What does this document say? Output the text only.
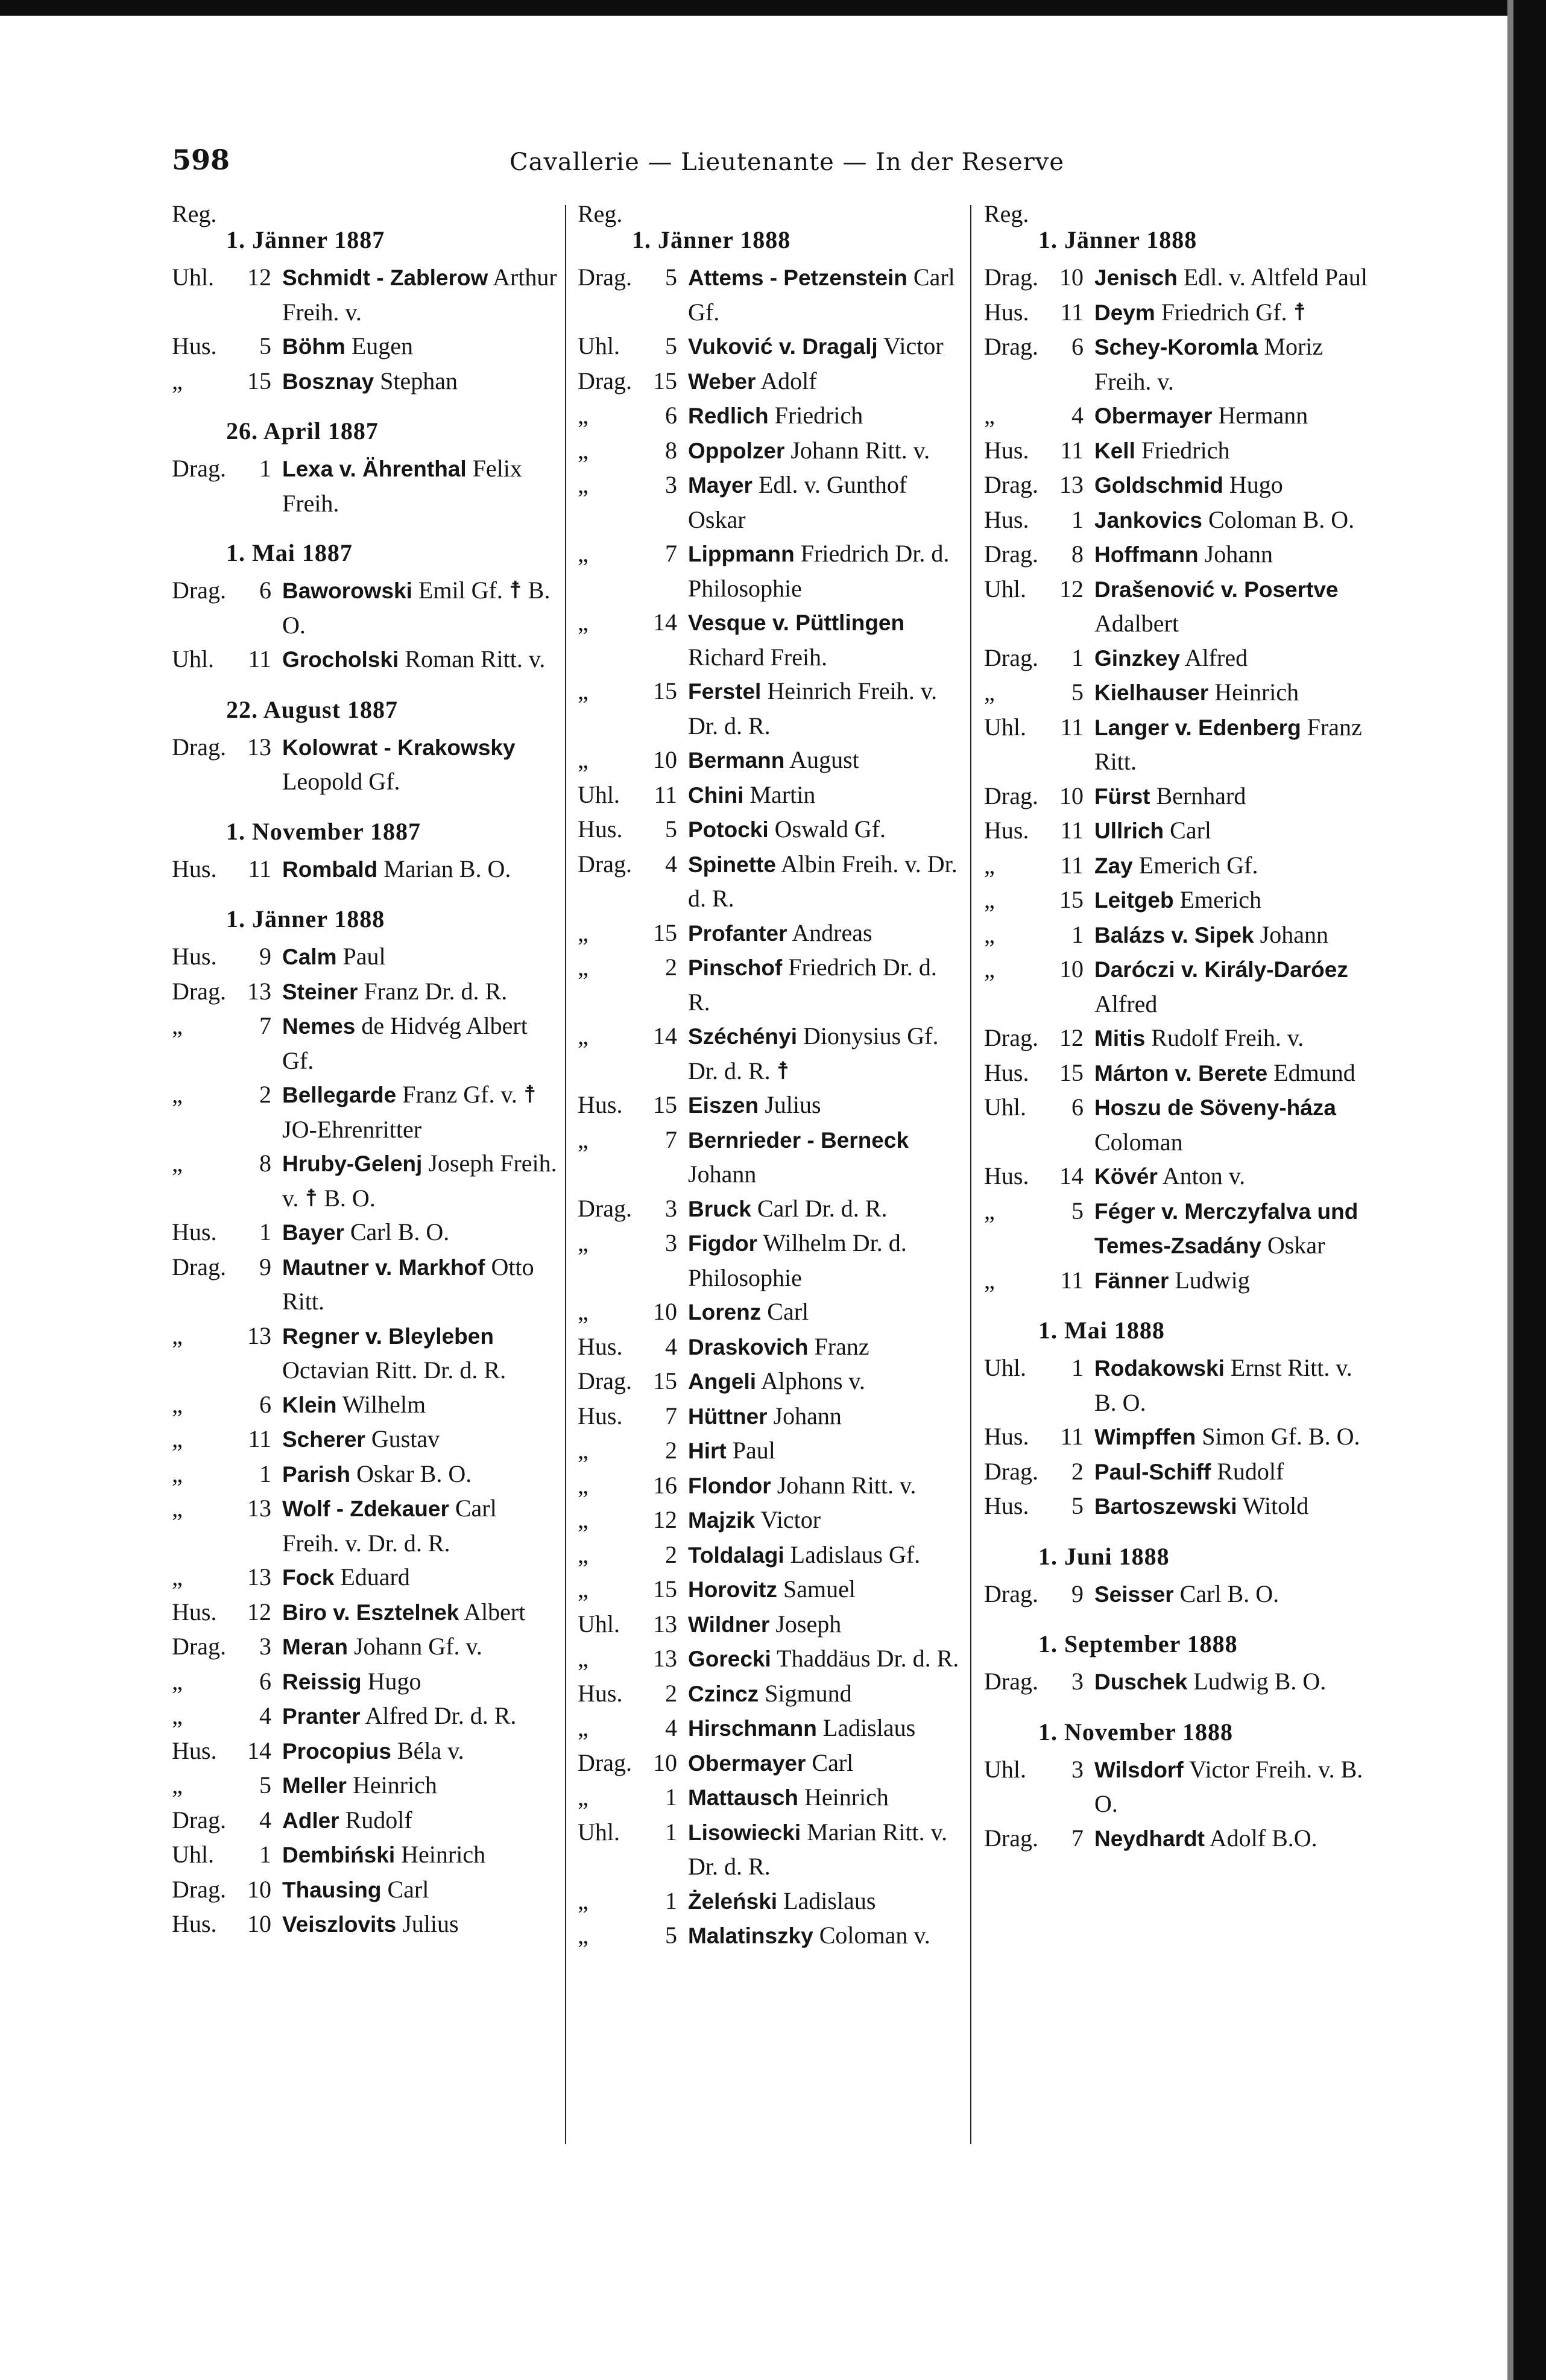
598	Cavallerie — Lieutenante — In der Reserve
Reg.
1. Jänner 1887
Uhl.	12 Schmidt - Zablerow Arthur Freih. v.
Hus.	5 Böhm Eugen
„	15 Bosznay Stephan
26. April 1887
Drag.	1 Lexa v. Ährenthal Felix Freih.
1. Mai 1887
Drag.	6 Baworowski Emil Gf. ☨ B. O.
Uhl.	11 Grocholski Roman Ritt. v.
22. August 1887
Drag. 13 Kolowrat - Krakowsky Leopold Gf.
1. November 1887
Hus.	11 Rombald Marian B. O.
1. Jänner 1888
Hus.	9 Calm Paul
Drag. 13 Steiner Franz Dr. d. R.
„	7 Nemes de Hidvég Albert Gf.
„	2 Bellegarde Franz Gf. v. ☨ JO-Ehrenritter
„	8 Hruby-Gelenj Joseph Freih. v. ☨ B. O.
Hus.	1 Bayer Carl B. O.
Drag.	9 Mautner v. Markhof Otto Ritt.
„	13 Regner v. Bleyleben Octavian Ritt. Dr. d. R.
„	6 Klein Wilhelm
„	11 Scherer Gustav
„	1 Parish Oskar B. O.
„	13 Wolf - Zdekauer Carl Freih. v. Dr. d. R.
„	13 Fock Eduard
Hus.	12 Biro v. Esztelnek Albert
Drag.	3 Meran Johann Gf. v.
„	6 Reissig Hugo
„	4 Pranter Alfred Dr. d. R.
Hus.	14 Procopius Béla v.
„	5 Meller Heinrich
Drag.	4 Adler Rudolf
Uhl.	1 Dembiński Heinrich
Drag. 10 Thausing Carl
Hus.	10 Veiszlovits Julius
Reg.
1. Jänner 1888
Drag.	5 Attems - Petzenstein Carl Gf.
Uhl.	5 Vuković v. Dragalj Victor
Drag. 15 Weber Adolf
„	6 Redlich Friedrich
„	8 Oppolzer Johann Ritt. v.
„	3 Mayer Edl. v. Gunthof Oskar
„	7 Lippmann Friedrich Dr. d. Philosophie
„	14 Vesque v. Püttlingen Richard Freih.
„	15 Ferstel Heinrich Freih. v. Dr. d. R.
„	10 Bermann August
Uhl.	11 Chini Martin
Hus.	5 Potocki Oswald Gf.
Drag.	4 Spinette Albin Freih. v. Dr. d. R.
„	15 Profanter Andreas
„	2 Pinschof Friedrich Dr. d. R.
„	14 Széchényi Dionysius Gf. Dr. d. R. ☨
Hus.	15 Eiszen Julius
„	7 Bernrieder - Berneck Johann
Drag.	3 Bruck Carl Dr. d. R.
„	3 Figdor Wilhelm Dr. d. Philosophie
„	10 Lorenz Carl
Hus.	4 Draskovich Franz
Drag. 15 Angeli Alphons v.
Hus.	7 Hüttner Johann
„	2 Hirt Paul
„	16 Flondor Johann Ritt. v.
„	12 Majzik Victor
„	2 Toldalagi Ladislaus Gf.
„	15 Horovitz Samuel
Uhl.	13 Wildner Joseph
„	13 Gorecki Thaddäus Dr. d. R.
Hus.	2 Czincz Sigmund
„	4 Hirschmann Ladislaus
Drag. 10 Obermayer Carl
„	1 Mattausch Heinrich
Uhl.	1 Lisowiecki Marian Ritt. v. Dr. d. R.
„	1 Żeleński Ladislaus
„	5 Malatinszky Coloman v.
Reg.
1. Jänner 1888
Drag. 10 Jenisch Edl. v. Altfeld Paul
Hus.	11 Deym Friedrich Gf. ☨
Drag.	6 Schey-Koromla Moriz Freih. v.
„	4 Obermayer Hermann
Hus.	11 Kell Friedrich
Drag. 13 Goldschmid Hugo
Hus.	1 Jankovics Coloman B. O.
Drag.	8 Hoffmann Johann
Uhl.	12 Drašenović v. Posertve Adalbert
Drag.	1 Ginzkey Alfred
„	5 Kielhauser Heinrich
Uhl.	11 Langer v. Edenberg Franz Ritt.
Drag. 10 Fürst Bernhard
Hus.	11 Ullrich Carl
„	11 Zay Emerich Gf.
„	15 Leitgeb Emerich
„	1 Balázs v. Sipek Johann
„	10 Daróczi v. Király-Daróez Alfred
Drag. 12 Mitis Rudolf Freih. v.
Hus.	15 Márton v. Berete Edmund
Uhl.	6 Hoszu de Söveny-háza Coloman
Hus.	14 Kövér Anton v.
„	5 Féger v. Merczyfalva und Temes-Zsadány Oskar
„	11 Fänner Ludwig
1. Mai 1888
Uhl.	1 Rodakowski Ernst Ritt. v. B. O.
Hus.	11 Wimpffen Simon Gf. B. O.
Drag.	2 Paul-Schiff Rudolf
Hus.	5 Bartoszewski Witold
1. Juni 1888
Drag.	9 Seisser Carl B. O.
1. September 1888
Drag.	3 Duschek Ludwig B. O.
1. November 1888
Uhl.	3 Wilsdorf Victor Freih. v. B. O.
Drag.	7 Neydhardt Adolf B.O.
